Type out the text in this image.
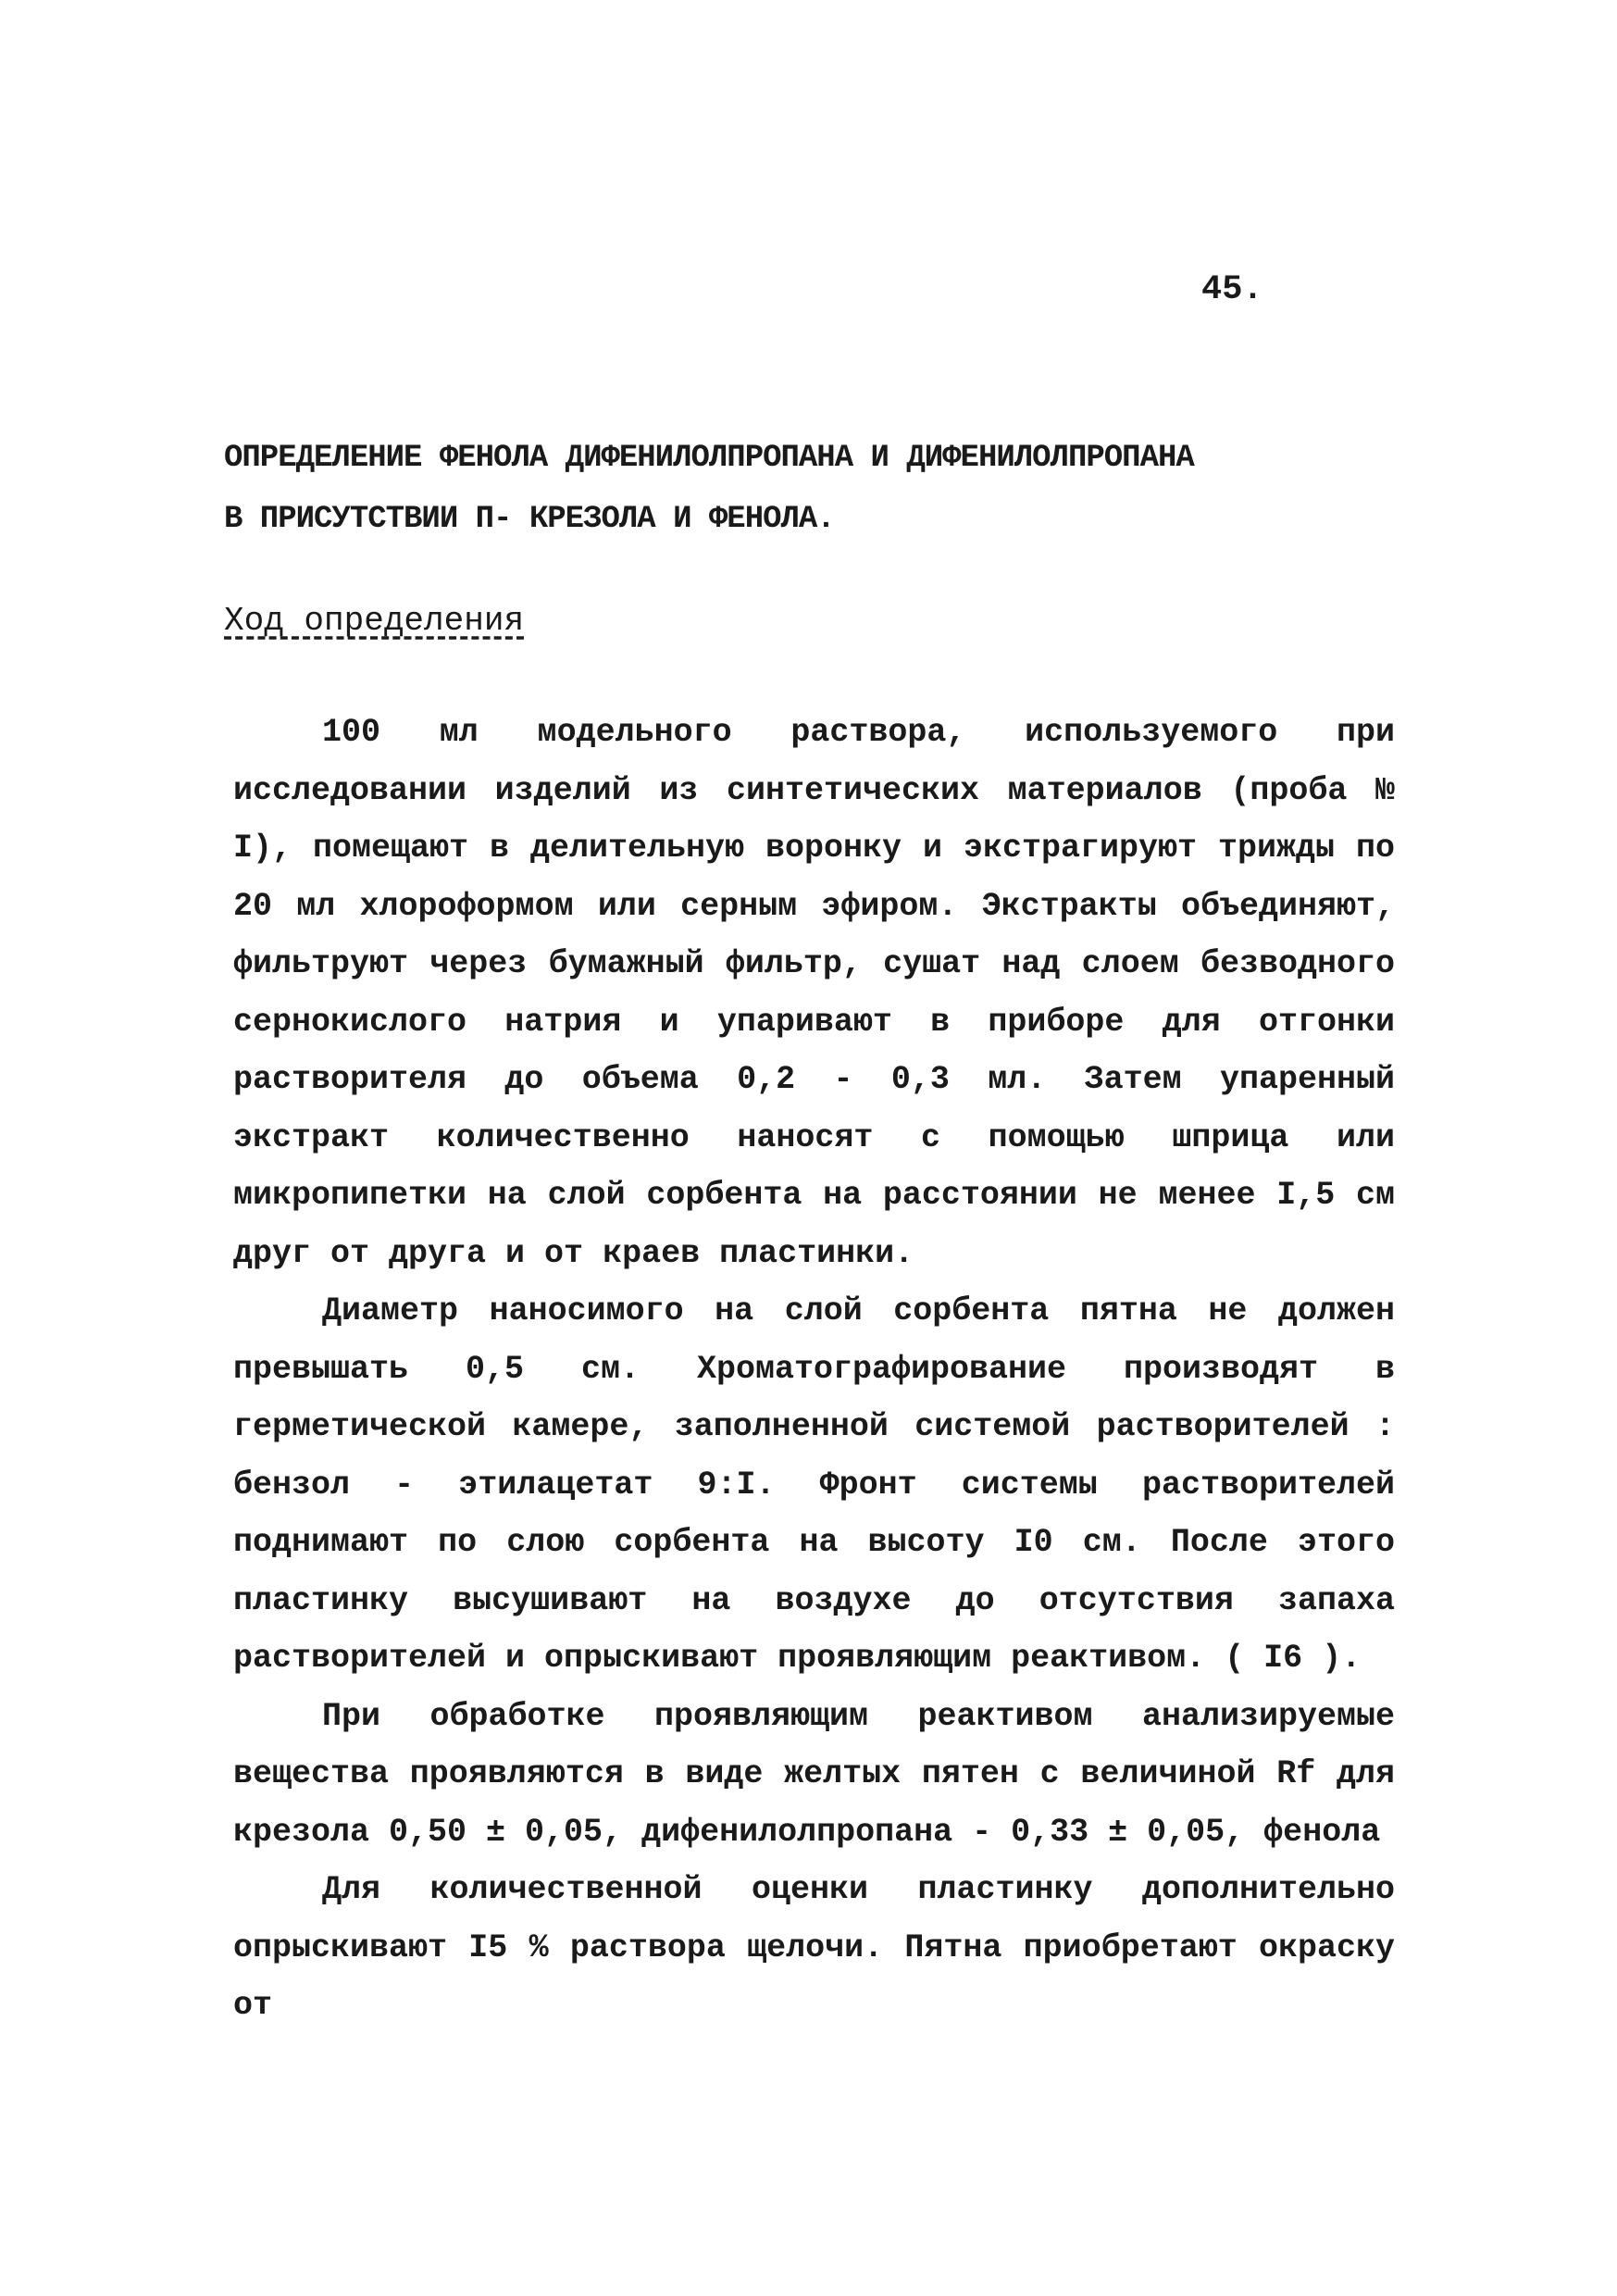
45.
ОПРЕДЕЛЕНИЕ ФЕНОЛА ДИФЕНИЛОЛПРОПАНА И ДИФЕНИЛОЛПРОПАНА
В ПРИСУТСТВИИ П- КРЕЗОЛА И ФЕНОЛА.
Ход определения

100 мл модельного раствора, используемого при исследовании изделий из синтетических материалов (проба № I), помещают в делительную воронку и экстрагируют трижды по 20 мл хлороформом или серным эфиром. Экстракты объединяют, фильтруют через бумажный фильтр, сушат над слоем безводного сернокислого натрия и упаривают в приборе для отгонки растворителя до объема 0,2 - 0,3 мл. Затем упаренный экстракт количественно наносят с помощью шприца или микропипетки на слой сорбента на расстоянии не менее I,5 см друг от друга и от краев пластинки.

Диаметр наносимого на слой сорбента пятна не должен превышать 0,5 см. Хроматографирование производят в герметической камере, заполненной системой растворителей : бензол - этилацетат 9:I. Фронт системы растворителей поднимают по слою сорбента на высоту I0 см. После этого пластинку высушивают на воздухе до отсутствия запаха растворителей и опрыскивают проявляющим реактивом. ( I6 ).

При обработке проявляющим реактивом анализируемые вещества проявляются в виде желтых пятен с величиной Rf для крезола 0,50 ± 0,05, дифенилолпропана - 0,33 ± 0,05, фенола

Для количественной оценки пластинку дополнительно опрыскивают I5 % раствора щелочи. Пятна приобретают окраску от
